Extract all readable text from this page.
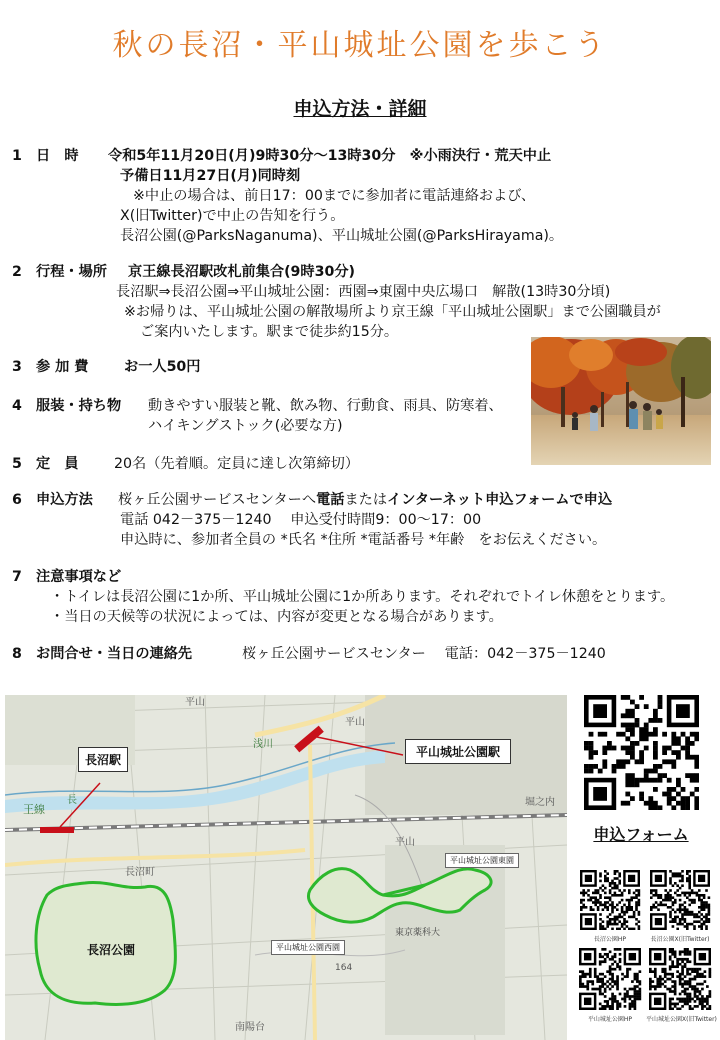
秋の長沼・平山城址公園を歩こう
申込方法・詳細
1 日　時 令和5年11月20日(月)9時30分～13時30分　※小雨決行・荒天中止
予備日11月27日(月)同時刻
※中止の場合は、前日17：00までに参加者に電話連絡および、
X(旧Twitter)で中止の告知を行う。
長沼公園(@ParksNaganuma)、平山城址公園(@ParksHirayama)。
2 行程・場所 京王線長沼駅改札前集合(9時30分)
長沼駅⇒長沼公園⇒平山城址公園：西園⇒東園中央広場口　解散(13時30分頃)
※お帰りは、平山城址公園の解散場所より京王線「平山城址公園駅」まで公園職員が
ご案内いたします。駅まで徒歩約15分。
3 参 加 費	お一人50円
4 服装・持ち物 動きやすい服装と靴、飲み物、行動食、雨具、防寒着、
ハイキングストック(必要な方)
5 定　員 20名（先着順。定員に達し次第締切）
6 申込方法 桜ヶ丘公園サービスセンターへ電話またはインターネット申込フォームで申込
電話 042－375－1240　 申込受付時間9：00～17：00
申込時に、参加者全員の *氏名 *住所 *電話番号 *年齢　をお伝えください。
7 注意事項など
・トイレは長沼公園に1か所、平山城址公園に1か所あります。それぞれでトイレ休憩をとります。
・当日の天候等の状況によっては、内容が変更となる場合があります。
8 お問合せ・当日の連絡先	桜ヶ丘公園サービスセンター　 電話：042－375－1240
王線
長
長沼町
平山
浅川
平山
平山
堀之内
東京薬科大
南陽台
164
長沼駅
平山城址公園駅
長沼公園
平山城址公園東園
平山城址公園西園
申込フォーム
長沼公園HP	長沼公園X(旧Twitter)
平山城址公園HP	平山城址公園X(旧Twitter)
